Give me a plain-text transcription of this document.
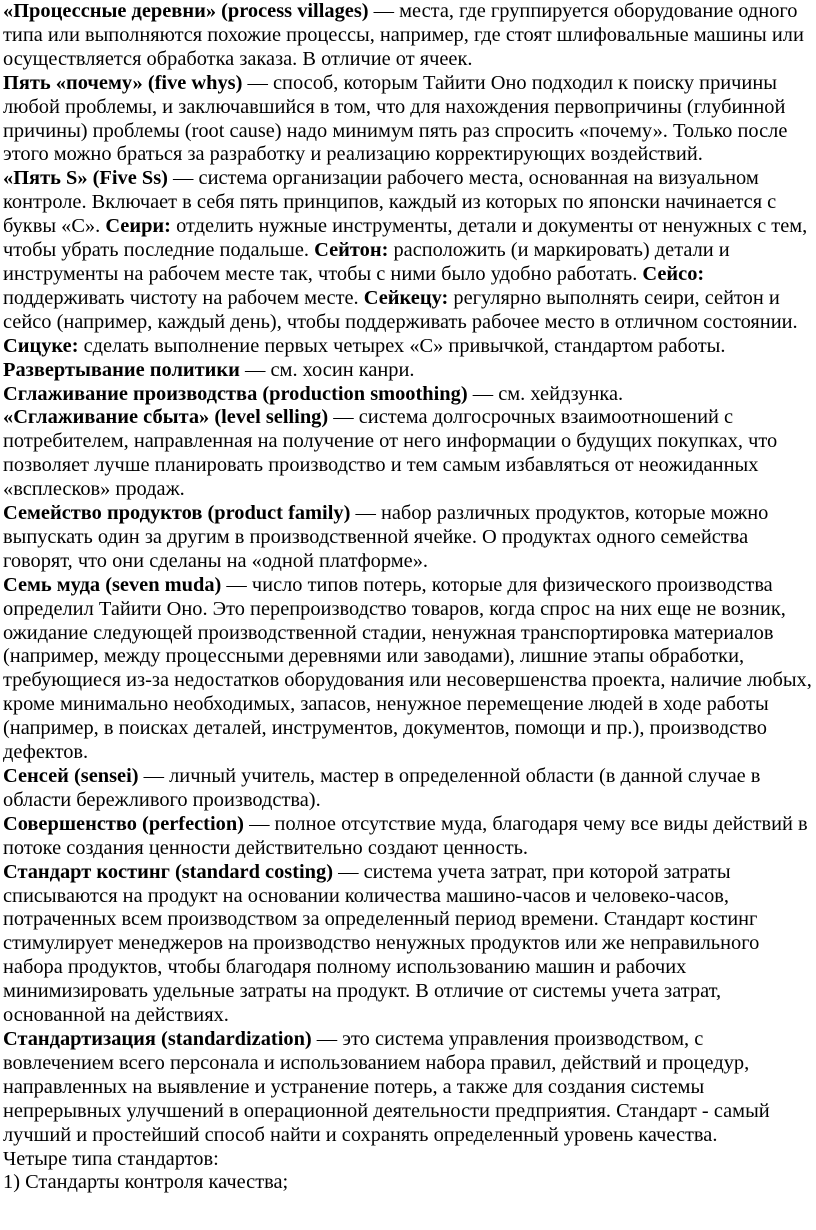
«Процессные деревни» (process villages) — места, где группируется оборудование одного типа или выполняются похожие процессы, например, где стоят шлифовальные машины или осуществляется обработка заказа. В отличие от ячеек.

Пять «почему» (five whys) — способ, которым Тайити Оно подходил к поиску причины любой проблемы, и заключавшийся в том, что для нахождения первопричины (глубинной причины) проблемы (root cause) надо минимум пять раз спросить «почему». Только после этого можно браться за разработку и реализацию корректирующих воздействий.

«Пять S» (Five Ss) — система организации рабочего места, основанная на визуальном контроле. Включает в себя пять принципов, каждый из которых по японски начинается с буквы «С». Сеири: отделить нужные инструменты, детали и документы от ненужных с тем, чтобы убрать последние подальше. Сейтон: расположить (и маркировать) детали и инструменты на рабочем месте так, чтобы с ними было удобно работать. Сейсо: поддерживать чистоту на рабочем месте. Сейкецу: регулярно выполнять сеири, сейтон и сейсо (например, каждый день), чтобы поддерживать рабочее место в отличном состоянии. Сицуке: сделать выполнение первых четырех «С» привычкой, стандартом работы.

Развертывание политики — см. хосин канри.

Сглаживание производства (production smoothing) — см. хейдзунка.

«Сглаживание сбыта» (level selling) — система долгосрочных взаимоотношений с потребителем, направленная на получение от него информации о будущих покупках, что позволяет лучше планировать производство и тем самым избавляться от неожиданных «всплесков» продаж.

Семейство продуктов (product family) — набор различных продуктов, которые можно выпускать один за другим в производственной ячейке. О продуктах одного семейства говорят, что они сделаны на «одной платформе».

Семь муда (seven muda) — число типов потерь, которые для физического производства определил Тайити Оно. Это перепроизводство товаров, когда спрос на них еще не возник, ожидание следующей производственной стадии, ненужная транспортировка материалов (например, между процессными деревнями или заводами), лишние этапы обработки, требующиеся из-за недостатков оборудования или несовершенства проекта, наличие любых, кроме минимально необходимых, запасов, ненужное перемещение людей в ходе работы (например, в поисках деталей, инструментов, документов, помощи и пр.), производство дефектов.

Сенсей (sensei) — личный учитель, мастер в определенной области (в данной случае в области бережливого производства).

Совершенство (perfection) — полное отсутствие муда, благодаря чему все виды действий в потоке создания ценности действительно создают ценность.

Стандарт костинг (standard costing) — система учета затрат, при которой затраты списываются на продукт на основании количества машино-часов и человеко-часов, потраченных всем производством за определенный период времени. Стандарт костинг стимулирует менеджеров на производство ненужных продуктов или же неправильного набора продуктов, чтобы благодаря полному использованию машин и рабочих минимизировать удельные затраты на продукт. В отличие от системы учета затрат, основанной на действиях.

Стандартизация (standardization) — это система управления производством, с вовлечением всего персонала и использованием набора правил, действий и процедур, направленных на выявление и устранение потерь, а также для создания системы непрерывных улучшений в операционной деятельности предприятия. Стандарт - самый лучший и простейший способ найти и сохранять определенный уровень качества.

Четыре типа стандартов:

1) Стандарты контроля качества;
